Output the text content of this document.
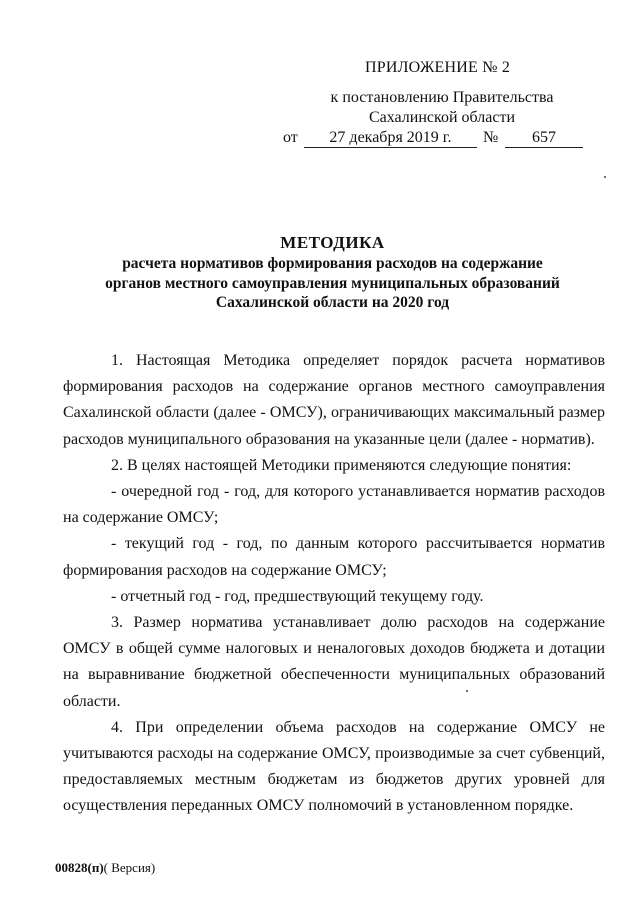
ПРИЛОЖЕНИЕ № 2
к постановлению Правительства
Сахалинской области
от	27 декабря 2019 г.	№	657
МЕТОДИКА
расчета нормативов формирования расходов на содержание
органов местного самоуправления муниципальных образований
Сахалинской области на 2020 год

1. Настоящая Методика определяет порядок расчета нормативов формирования расходов на содержание органов местного самоуправления Сахалинской области (далее - ОМСУ), ограничивающих максимальный размер расходов муниципального образования на указанные цели (далее - норматив).

2. В целях настоящей Методики применяются следующие понятия:

- очередной год - год, для которого устанавливается норматив расходов на содержание ОМСУ;

- текущий год - год, по данным которого рассчитывается норматив формирования расходов на содержание ОМСУ;

- отчетный год - год, предшествующий текущему году.

3. Размер норматива устанавливает долю расходов на содержание ОМСУ в общей сумме налоговых и неналоговых доходов бюджета и дотации на выравнивание бюджетной обеспеченности муниципальных образований области.

4. При определении объема расходов на содержание ОМСУ не учитываются расходы на содержание ОМСУ, производимые за счет субвенций, предоставляемых местным бюджетам из бюджетов других уровней для осуществления переданных ОМСУ полномочий в установленном порядке.

00828(п)( Версия)
